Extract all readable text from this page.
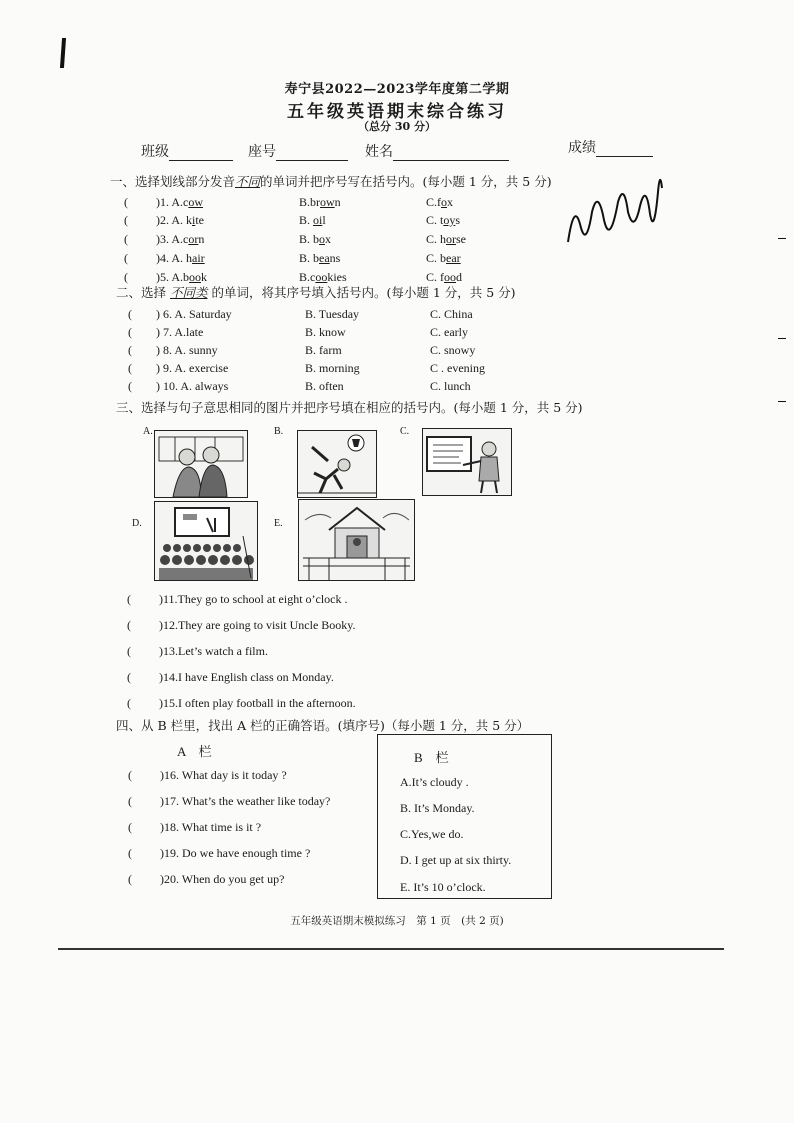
寿宁县2022—2023学年度第二学期
五年级英语期末综合练习
（总分 30 分）
班级	座号	姓名	成绩
一、选择划线部分发音不同的单词并把序号写在括号内。(每小题 1 分，共 5 分)
( )1. A.cow	B.brown	C.fox
( )2. A. kite	B. oil	C. toys
( )3. A.corn	B. box	C. horse
( )4. A. hair	B. beans	C. bear
( )5. A.book	B.cookies	C. food
二、选择 不同类 的单词，将其序号填入括号内。(每小题 1 分，共 5 分)
( ) 6. A. Saturday	B. Tuesday	C. China
( ) 7. A.late	B. know	C. early
( ) 8. A. sunny	B. farm	C. snowy
( ) 9. A. exercise	B. morning	C . evening
( ) 10. A. always	B. often	C. lunch
三、选择与句子意思相同的图片并把序号填在相应的括号内。(每小题 1 分，共 5 分)
A.	B.	C.
D.	E.
( )11.They go to school at eight o’clock .
( )12.They are going to visit Uncle Booky.
( )13.Let’s watch a film.
( )14.I have English class on Monday.
( )15.I often play football in the afternoon.
四、从 B 栏里，找出 A 栏的正确答语。(填序号)（每小题 1 分，共 5 分）
A　栏
( )16. What day is it today ?
( )17. What’s the weather like today?
( )18. What time is it ?
( )19. Do we have enough time ?
( )20. When do you get up?
B　栏
A.It’s cloudy .
B. It’s Monday.
C.Yes,we do.
D. I get up at six thirty.
E. It’s 10 o’clock.
五年级英语期末模拟练习　第 1 页　(共 2 页)
